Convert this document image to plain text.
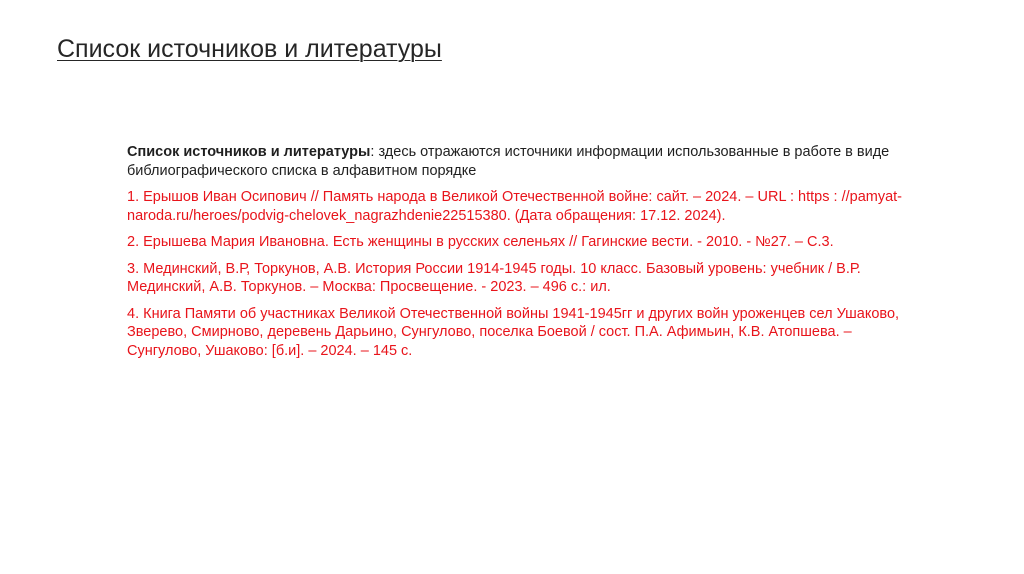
Список источников и литературы

Список источников и литературы: здесь отражаются источники информации использованные в работе в виде библиографического списка в алфавитном порядке

1. Ерышов Иван Осипович // Память народа в Великой Отечественной войне: сайт. – 2024. – URL : https : //pamyat-naroda.ru/heroes/podvig-chelovek_nagrazhdenie22515380. (Дата обращения: 17.12. 2024).

2. Ерышева Мария Ивановна. Есть женщины в русских селеньях // Гагинские вести. - 2010. - №27. – С.3.

3. Мединский, В.Р, Торкунов, А.В. История России 1914-1945 годы. 10 класс. Базовый уровень: учебник / В.Р. Мединский, А.В. Торкунов. – Москва: Просвещение. - 2023. – 496 с.: ил.

4. Книга Памяти об участниках Великой Отечественной войны 1941-1945гг и других войн уроженцев сел Ушаково, Зверево, Смирново, деревень Дарьино, Сунгулово, поселка Боевой / сост. П.А. Афимьин, К.В. Атопшева. – Сунгулово, Ушаково: [б.и]. – 2024. – 145 с.
